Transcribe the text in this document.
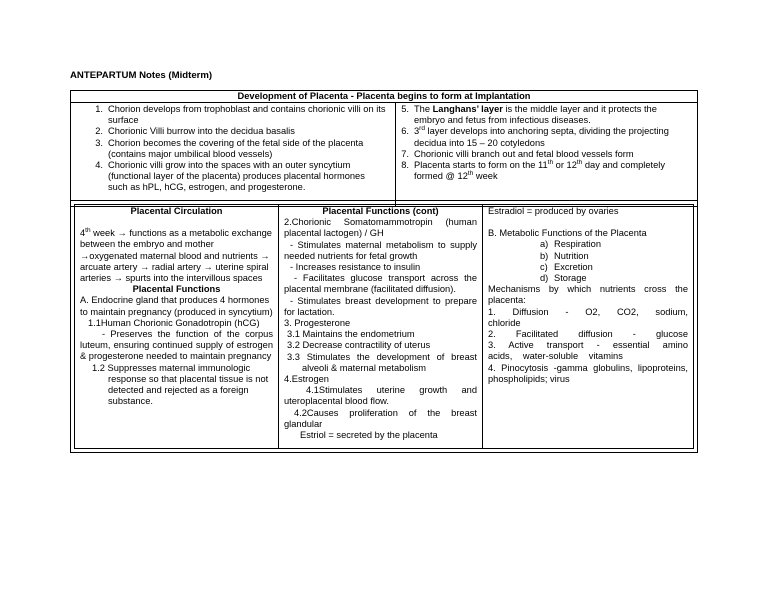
ANTEPARTUM Notes (Midterm)
Development of Placenta - Placenta begins to form at Implantation
1. Chorion develops from trophoblast and contains chorionic villi on its surface
2. Chorionic Villi burrow into the decidua basalis
3. Chorion becomes the covering of the fetal side of the placenta (contains major umbilical blood vessels)
4. Chorionic villi grow into the spaces with an outer syncytium (functional layer of the placenta) produces placental hormones such as hPL, hCG, estrogen, and progesterone.
5. The Langhans’ layer is the middle layer and it protects the embryo and fetus from infectious diseases.
6. 3rd layer develops into anchoring septa, dividing the projecting decidua into 15 – 20 cotyledons
7. Chorionic villi branch out and fetal blood vessels form
8. Placenta starts to form on the 11th or 12th day and completely formed @ 12th week
Placental Circulation
4th week → functions as a metabolic exchange between the embryo and mother →oxygenated maternal blood and nutrients → arcuate artery → radial artery → uterine spiral arteries → spurts into the intervillous spaces
Placental Functions
A. Endocrine gland that produces 4 hormones to maintain pregnancy (produced in syncytium)
1.1Human Chorionic Gonadotropin (hCG)
- Preserves the function of the corpus luteum, ensuring continued supply of estrogen & progesterone needed to maintain pregnancy
1.2 Suppresses maternal immunologic response so that placental tissue is not detected and rejected as a foreign substance.
Placental Functions (cont)
2.Chorionic Somatomammotropin (human placental lactogen) / GH
- Stimulates maternal metabolism to supply needed nutrients for fetal growth
- Increases resistance to insulin
- Facilitates glucose transport across the placental membrane (facilitated diffusion).
- Stimulates breast development to prepare for lactation.
3. Progesterone
3.1 Maintains the endometrium
3.2 Decrease contractility of uterus
3.3 Stimulates the development of breast alveoli & maternal metabolism
4.Estrogen
4.1Stimulates uterine growth and uteroplacental blood flow.
4.2Causes proliferation of the breast glandular
Estriol = secreted by the placenta
Estradiol = produced by ovaries
B. Metabolic Functions of the Placenta
a) Respiration
b) Nutrition
c) Excretion
d) Storage
Mechanisms by which nutrients cross the placenta:
1. Diffusion - O2, CO2, sodium, chloride
2. Facilitated diffusion - glucose
3. Active transport - essential amino acids, water-soluble vitamins
4. Pinocytosis -gamma globulins, lipoproteins, phospholipids; virus
